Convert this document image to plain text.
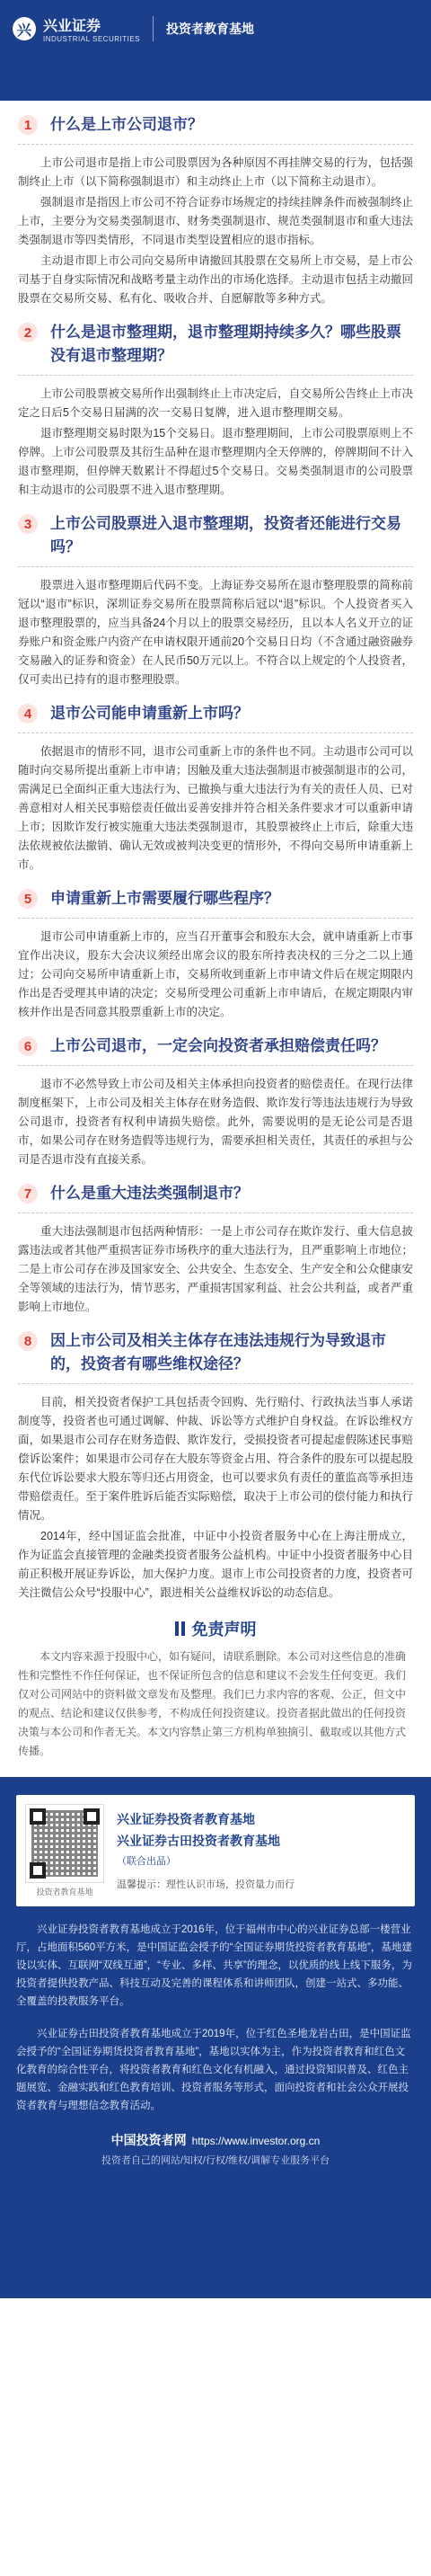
兴 兴业证券
INDUSTRIAL SECURITIES
投资者教育基地
1	什么是上市公司退市？

上市公司退市是指上市公司股票因为各种原因不再挂牌交易的行为，包括强制终止上市（以下简称强制退市）和主动终止上市（以下简称主动退市）。

强制退市是指因上市公司不符合证券市场规定的持续挂牌条件而被强制终止上市，主要分为交易类强制退市、财务类强制退市、规范类强制退市和重大违法类强制退市等四类情形，不同退市类型设置相应的退市指标。

主动退市即上市公司向交易所申请撤回其股票在交易所上市交易，是上市公司基于自身实际情况和战略考量主动作出的市场化选择。主动退市包括主动撤回股票在交易所交易、私有化、吸收合并、自愿解散等多种方式。

2	什么是退市整理期，退市整理期持续多久？哪些股票没有退市整理期？

上市公司股票被交易所作出强制终止上市决定后，自交易所公告终止上市决定之日后5个交易日届满的次一交易日复牌，进入退市整理期交易。

退市整理期交易时限为15个交易日。退市整理期间，上市公司股票原则上不停牌。上市公司股票及其衍生品种在退市整理期内全天停牌的，停牌期间不计入退市整理期，但停牌天数累计不得超过5个交易日。交易类强制退市的公司股票和主动退市的公司股票不进入退市整理期。

3	上市公司股票进入退市整理期，投资者还能进行交易吗？

股票进入退市整理期后代码不变。上海证券交易所在退市整理股票的简称前冠以“退市”标识，深圳证券交易所在股票简称后冠以“退”标识。个人投资者买入退市整理股票的，应当具备24个月以上的股票交易经历，且以本人名义开立的证券账户和资金账户内资产在申请权限开通前20个交易日日均（不含通过融资融券交易融入的证券和资金）在人民币50万元以上。不符合以上规定的个人投资者，仅可卖出已持有的退市整理股票。

4	退市公司能申请重新上市吗？

依据退市的情形不同，退市公司重新上市的条件也不同。主动退市公司可以随时向交易所提出重新上市申请；因触及重大违法强制退市被强制退市的公司，需满足已全面纠正重大违法行为、已撤换与重大违法行为有关的责任人员、已对善意相对人相关民事赔偿责任做出妥善安排并符合相关条件要求才可以重新申请上市；因欺诈发行被实施重大违法类强制退市，其股票被终止上市后，除重大违法依规被依法撤销、确认无效或被判决变更的情形外，不得向交易所申请重新上市。

5	申请重新上市需要履行哪些程序？

退市公司申请重新上市的，应当召开董事会和股东大会，就申请重新上市事宜作出决议，股东大会决议须经出席会议的股东所持表决权的三分之二以上通过；公司向交易所申请重新上市，交易所收到重新上市申请文件后在规定期限内作出是否受理其申请的决定；交易所受理公司重新上市申请后，在规定期限内审核并作出是否同意其股票重新上市的决定。

6	上市公司退市，一定会向投资者承担赔偿责任吗？

退市不必然导致上市公司及相关主体承担向投资者的赔偿责任。在现行法律制度框架下，上市公司及相关主体存在财务造假、欺诈发行等违法违规行为导致公司退市，投资者有权利申请损失赔偿。此外，需要说明的是无论公司是否退市，如果公司存在财务造假等违规行为，需要承担相关责任，其责任的承担与公司是否退市没有直接关系。

7	什么是重大违法类强制退市？

重大违法强制退市包括两种情形：一是上市公司存在欺诈发行、重大信息披露违法或者其他严重损害证券市场秩序的重大违法行为，且严重影响上市地位；二是上市公司存在涉及国家安全、公共安全、生态安全、生产安全和公众健康安全等领域的违法行为，情节恶劣，严重损害国家利益、社会公共利益，或者严重影响上市地位。

8	因上市公司及相关主体存在违法违规行为导致退市的，投资者有哪些维权途径？

目前，相关投资者保护工具包括责令回购、先行赔付、行政执法当事人承诺制度等，投资者也可通过调解、仲裁、诉讼等方式维护自身权益。在诉讼维权方面，如果退市公司存在财务造假、欺诈发行，受损投资者可提起虚假陈述民事赔偿诉讼案件；如果退市公司存在大股东等资金占用、符合条件的股东可以提起股东代位诉讼要求大股东等归还占用资金，也可以要求负有责任的董监高等承担违带赔偿责任。至于案件胜诉后能否实际赔偿，取决于上市公司的偿付能力和执行情况。

2014年，经中国证监会批准，中证中小投资者服务中心在上海注册成立，作为证监会直接管理的金融类投资者服务公益机构。中证中小投资者服务中心目前正积极开展证券诉讼，加大保护力度。退市上市公司投资者的力度，投资者可关注微信公众号“投服中心”，跟进相关公益维权诉讼的动态信息。

免责声明

本文内容来源于投服中心，如有疑问，请联系删除。本公司对这些信息的准确性和完整性不作任何保证，也不保证所包含的信息和建议不会发生任何变更。我们仅对公司网站中的资料做文章发布及整理。我们已力求内容的客观、公正，但文中的观点、结论和建议仅供参考，不构成任何投资建议。投资者据此做出的任何投资决策与本公司和作者无关。本文内容禁止第三方机构单独摘引、截取或以其他方式传播。

投资者教育基地
兴业证券投资者教育基地
兴业证券古田投资者教育基地
（联合出品）
温馨提示：理性认识市场，投资量力而行

兴业证券投资者教育基地成立于2016年，位于福州市中心的兴业证券总部一楼营业厅，占地面积560平方米，是中国证监会授予的“全国证券期货投资者教育基地”，基地建设以实体、互联网“双线互通”，“专业、多样、共享”的理念，以优质的线上线下服务，为投资者提供投教产品、科技互动及完善的课程体系和讲师团队，创建一站式、多功能、全覆盖的投教服务平台。

兴业证券古田投资者教育基地成立于2019年，位于红色圣地龙岩古田，是中国证监会授予的“全国证券期货投资者教育基地”，基地以实体为主，作为投资者教育和红色文化教育的综合性平台，将投资者教育和红色文化有机融入，通过投资知识普及、红色主题展览、金融实践和红色教育培训、投资者服务等形式，面向投资者和社会公众开展投资者教育与理想信念教育活动。

中国投资者网 https://www.investor.org.cn
投资者自己的网站/知权/行权/维权/调解专业服务平台
